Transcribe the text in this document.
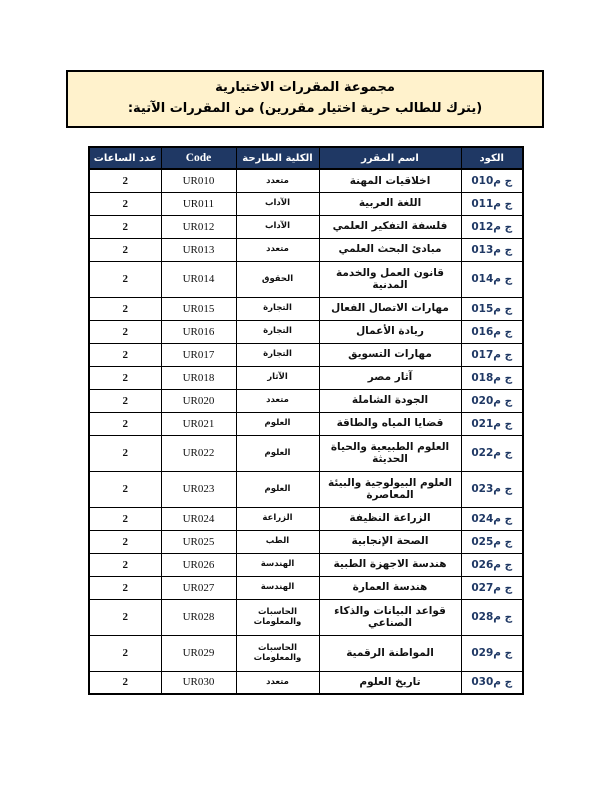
مجموعة المقررات الاختيارية
(يترك للطالب حرية اختيار مقررين) من المقررات الآتية:
الكود	اسم المقرر	الكلية الطارحة	Code	عدد الساعات
ج م010	اخلاقيات المهنة	متعدد	UR010	2
ج م011	اللغة العربية	الآداب	UR011	2
ج م012	فلسفة التفكير العلمي	الآداب	UR012	2
ج م013	مبادئ البحث العلمي	متعدد	UR013	2
ج م014	قانون العمل والخدمة المدنية	الحقوق	UR014	2
ج م015	مهارات الاتصال الفعال	التجارة	UR015	2
ج م016	ريادة الأعمال	التجارة	UR016	2
ج م017	مهارات التسويق	التجارة	UR017	2
ج م018	آثار مصر	الآثار	UR018	2
ج م020	الجودة الشاملة	متعدد	UR020	2
ج م021	قضايا المياه والطاقة	العلوم	UR021	2
ج م022	العلوم الطبيعية والحياة الحديثة	العلوم	UR022	2
ج م023	العلوم البيولوجية والبيئة المعاصرة	العلوم	UR023	2
ج م024	الزراعة النظيفة	الزراعة	UR024	2
ج م025	الصحة الإنجابية	الطب	UR025	2
ج م026	هندسة الاجهزة الطبية	الهندسة	UR026	2
ج م027	هندسة العمارة	الهندسة	UR027	2
ج م028	قواعد البيانات والذكاء الصناعي	الحاسبات والمعلومات	UR028	2
ج م029	المواطنة الرقمية	الحاسبات والمعلومات	UR029	2
ج م030	تاريخ العلوم	متعدد	UR030	2
